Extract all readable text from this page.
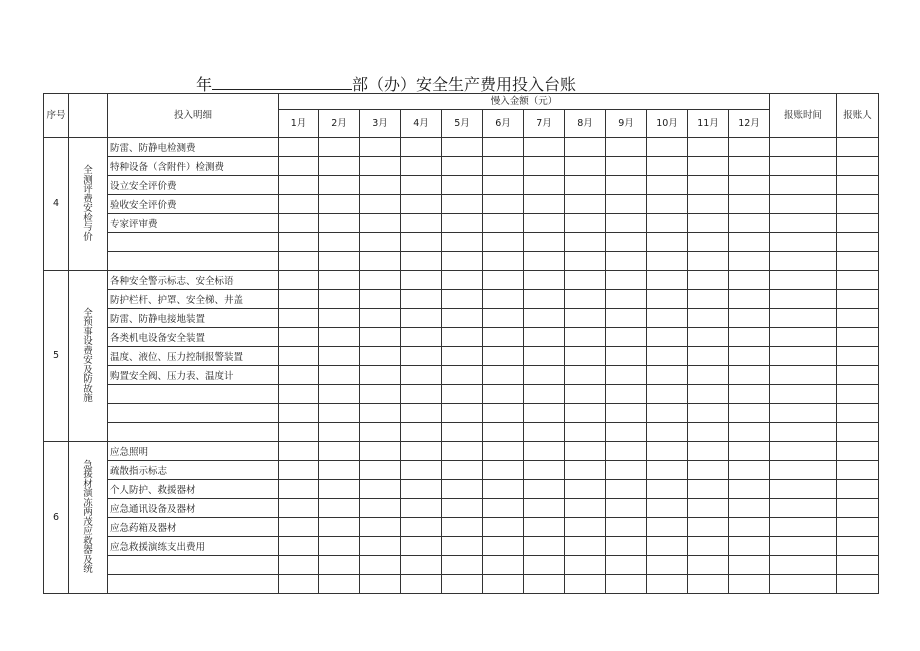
年	部（办）安全生产费用投入台账
序号		投入明细	慢入金额（元）												报账时间	报账人
			1月	2月	3月	4月	5月	6月	7月	8月	9月	10月	11月	12月		
4	全测评费安检与价	防雷、防静电检测费														
		特种设备（含附件）检测费														
		设立安全评价费														
		验收安全评价费														
		专家评审费														

5	全预事设费安及防故施	各种安全警示标志、安全标语														
		防护栏杆、护罩、安全梯、井盖														
		防雷、防静电接地装置														
		各类机电设备安全装置														
		温度、液位、压力控制报警装置														
		购置安全阀、压力表、温度计														

6	急援材演冻两茂应救器及统	应急照明														
		疏散指示标志														
		个人防护、救援器材														
		应急通讯设备及器材														
		应急药箱及器材														
		应急救援演练支出费用														
